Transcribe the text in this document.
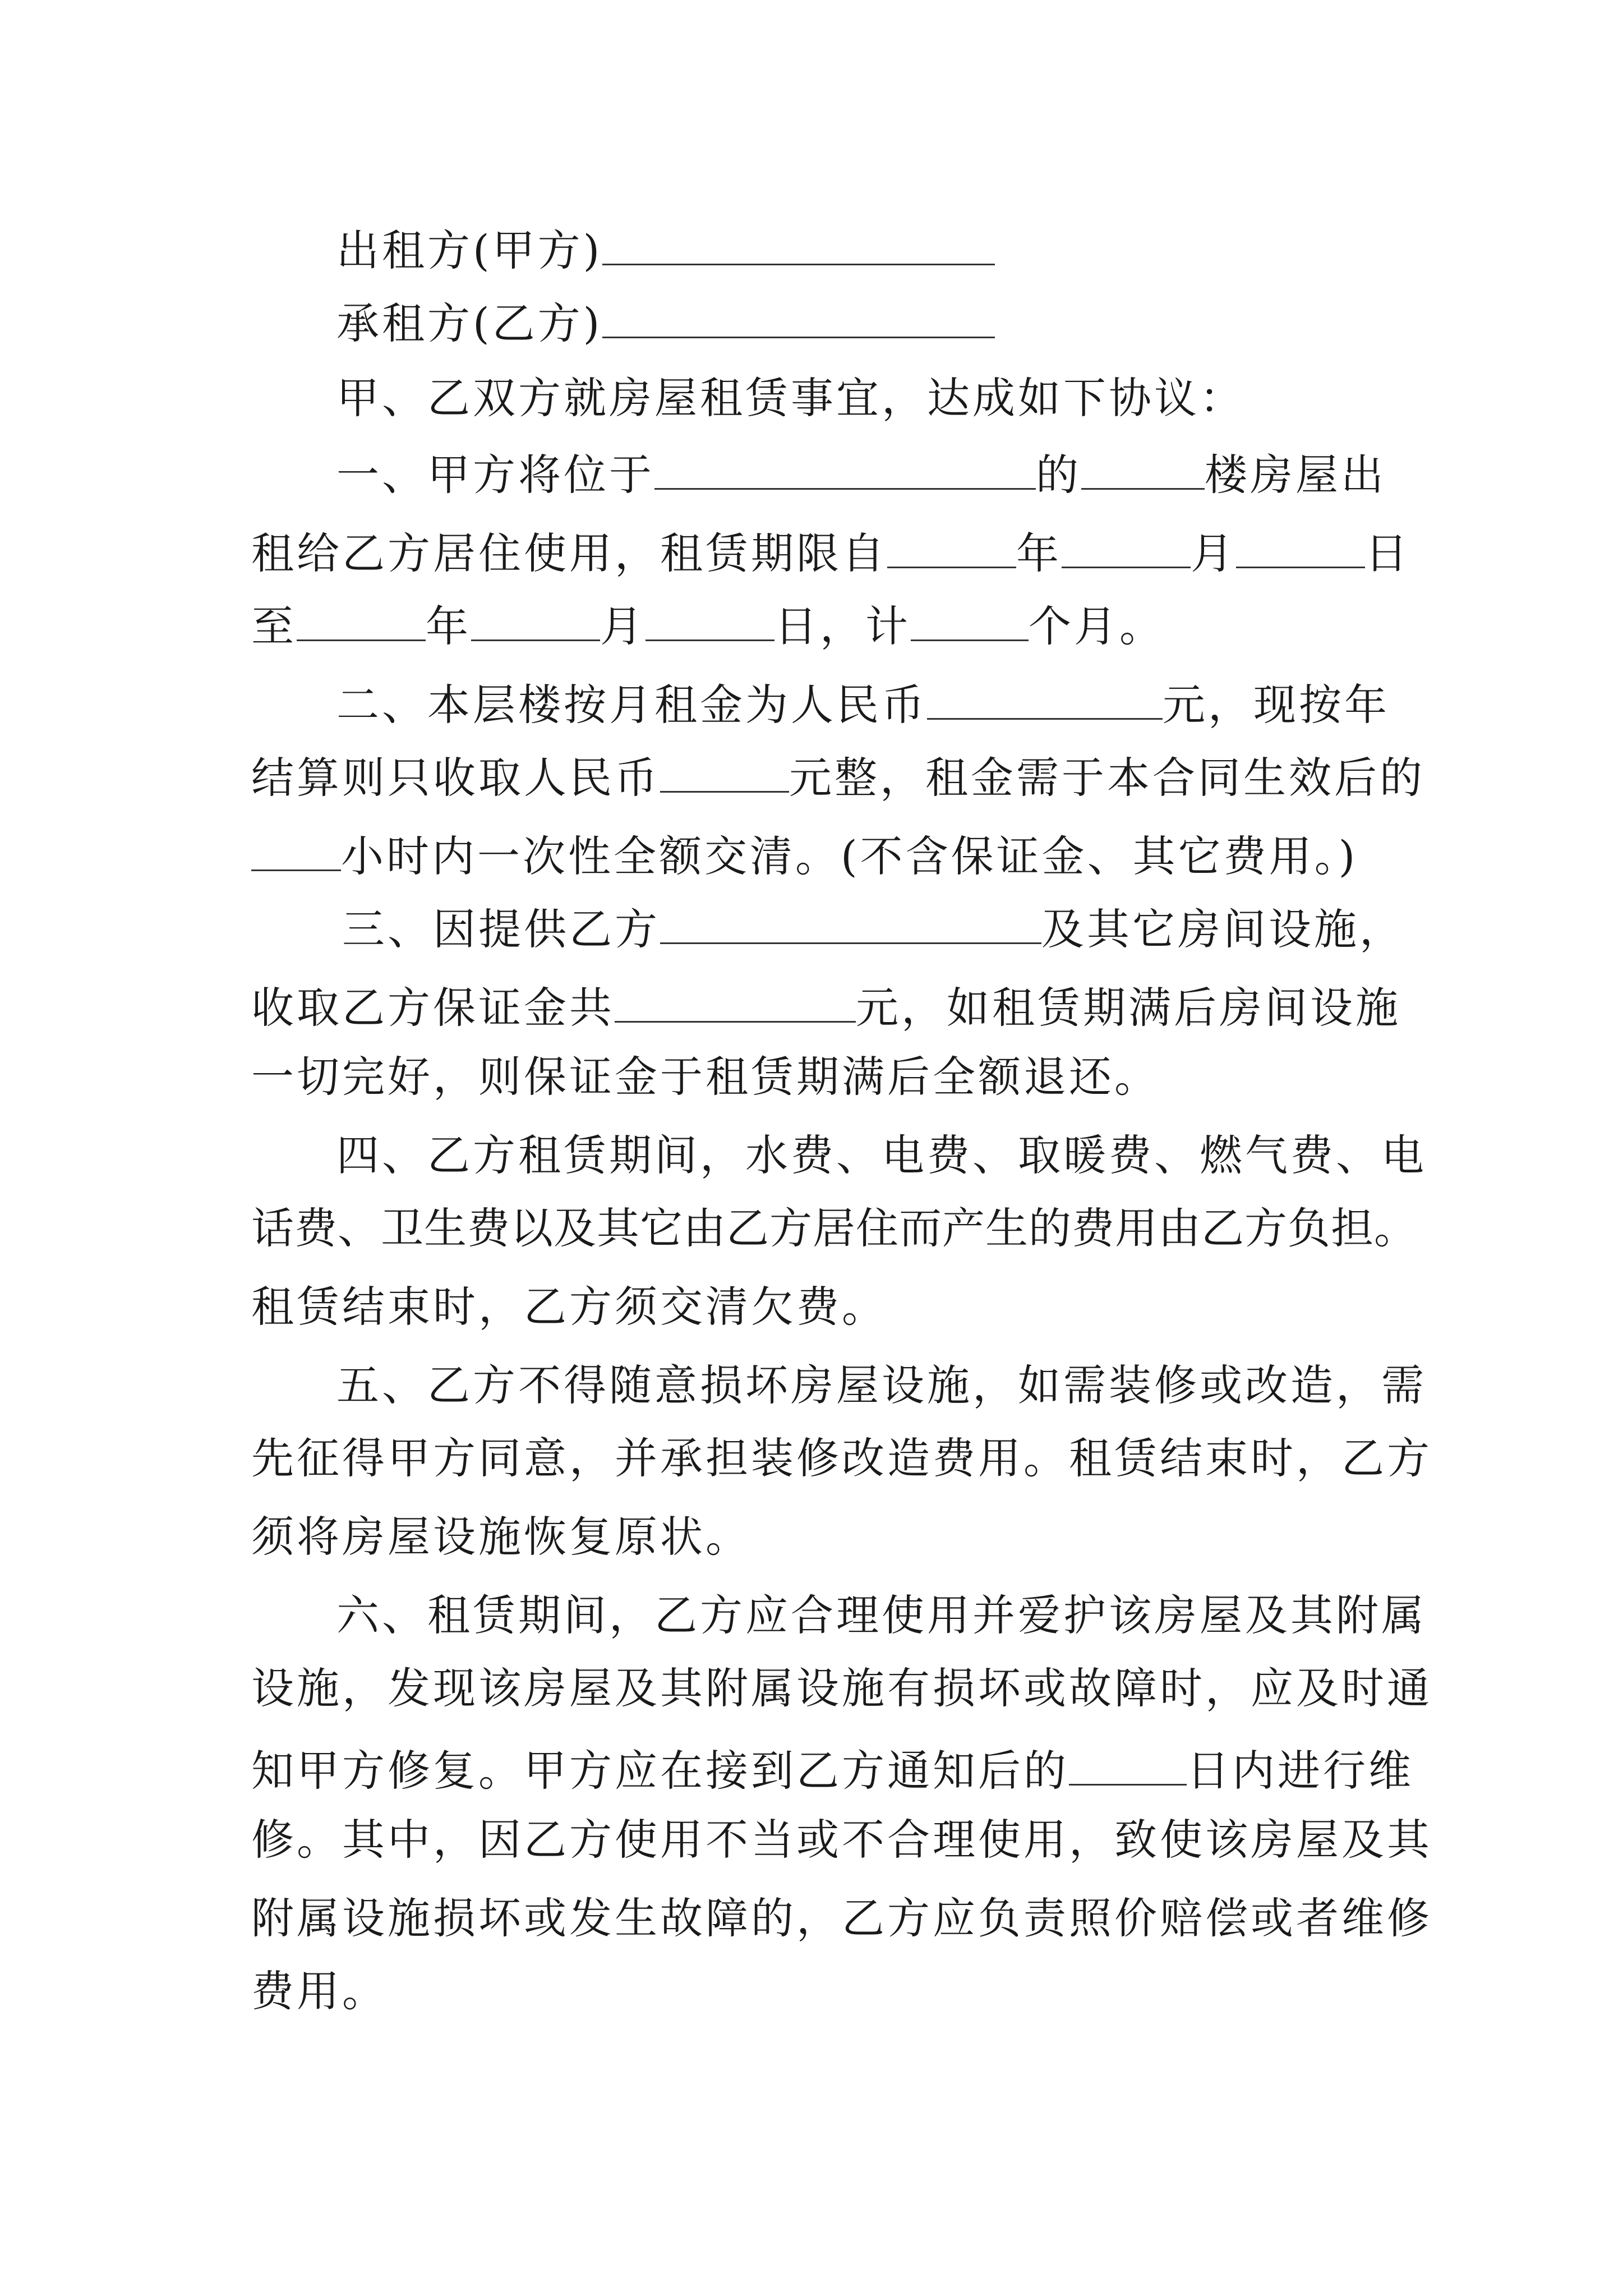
出租方(甲方)
承租方(乙方)
甲、乙双方就房屋租赁事宜，达成如下协议：
一、甲方将位于	的	楼房屋出
租给乙方居住使用，租赁期限自	年	月	日
至	年	月	日，计	个月。
二、本层楼按月租金为人民币	元，现按年
结算则只收取人民币	元整，租金需于本合同生效后的
小时内一次性全额交清。(不含保证金、其它费用。)
三、因提供乙方	及其它房间设施，
收取乙方保证金共	元，如租赁期满后房间设施
一切完好，则保证金于租赁期满后全额退还。
四、乙方租赁期间，水费、电费、取暖费、燃气费、电
话费、卫生费以及其它由乙方居住而产生的费用由乙方负担。
租赁结束时，乙方须交清欠费。
五、乙方不得随意损坏房屋设施，如需装修或改造，需
先征得甲方同意，并承担装修改造费用。租赁结束时，乙方
须将房屋设施恢复原状。
六、租赁期间，乙方应合理使用并爱护该房屋及其附属
设施，发现该房屋及其附属设施有损坏或故障时，应及时通
知甲方修复。甲方应在接到乙方通知后的	日内进行维
修。其中，因乙方使用不当或不合理使用，致使该房屋及其
附属设施损坏或发生故障的，乙方应负责照价赔偿或者维修
费用。
